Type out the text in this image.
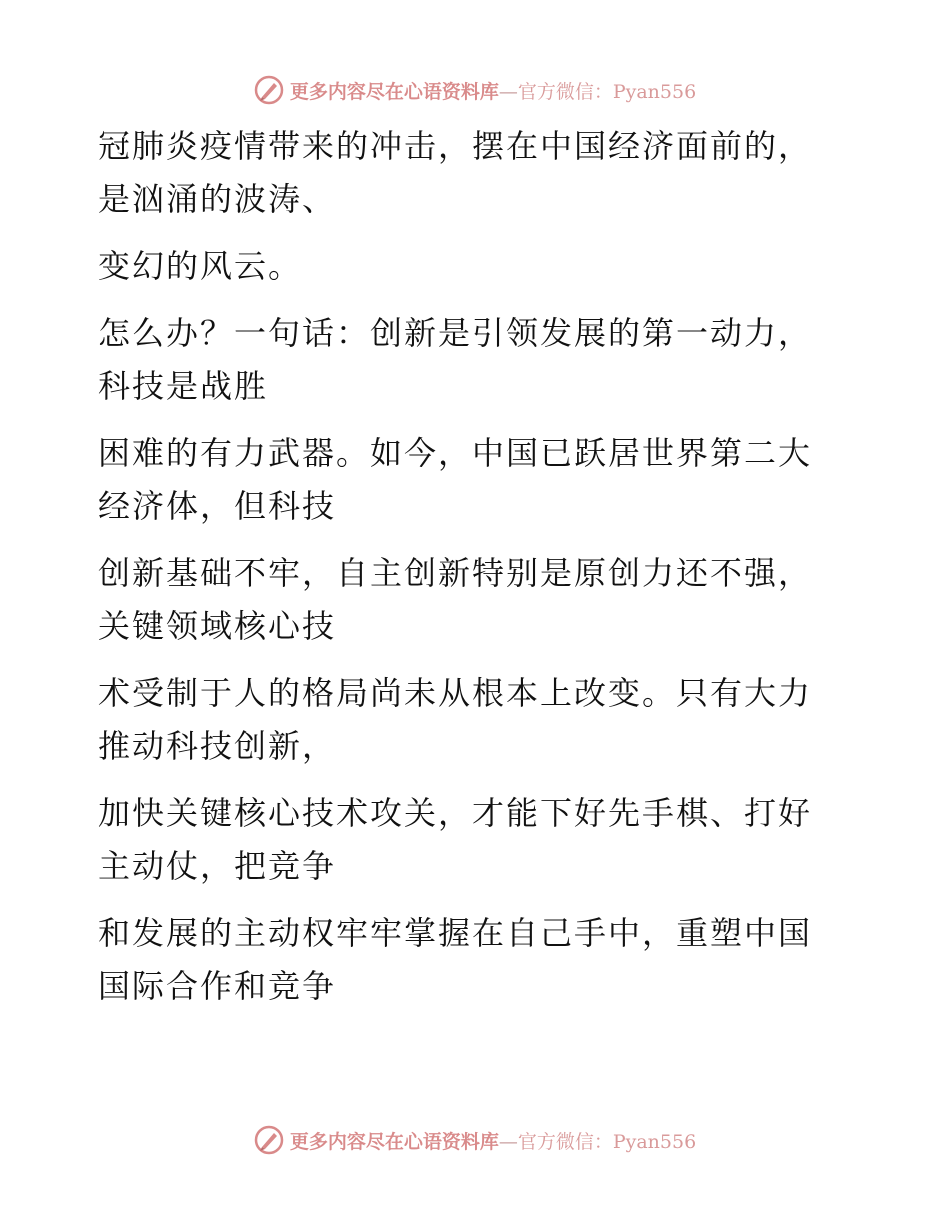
更多内容尽在心语资料库—官方微信：Pyan556

冠肺炎疫情带来的冲击，摆在中国经济面前的，
是汹涌的波涛、

变幻的风云。

怎么办？一句话：创新是引领发展的第一动力，
科技是战胜

困难的有力武器。如今，中国已跃居世界第二大
经济体，但科技

创新基础不牢，自主创新特别是原创力还不强，
关键领域核心技

术受制于人的格局尚未从根本上改变。只有大力
推动科技创新，

加快关键核心技术攻关，才能下好先手棋、打好
主动仗，把竞争

和发展的主动权牢牢掌握在自己手中，重塑中国
国际合作和竞争

更多内容尽在心语资料库—官方微信：Pyan556
